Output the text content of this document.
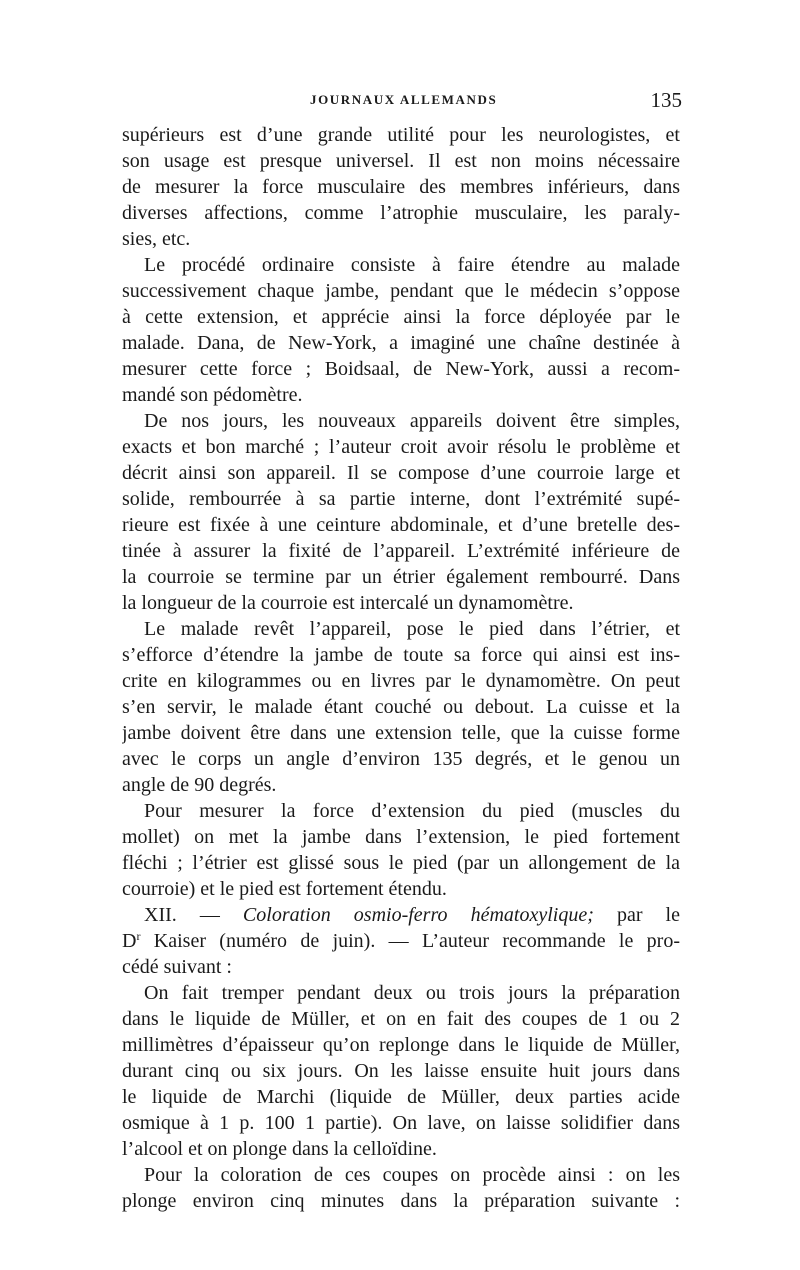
JOURNAUX ALLEMANDS	135
supérieurs est d’une grande utilité pour les neurologistes, et
son usage est presque universel. Il est non moins nécessaire
de mesurer la force musculaire des membres inférieurs, dans
diverses affections, comme l’atrophie musculaire, les paraly-
sies, etc.
Le procédé ordinaire consiste à faire étendre au malade
successivement chaque jambe, pendant que le médecin s’oppose
à cette extension, et apprécie ainsi la force déployée par le
malade. Dana, de New-York, a imaginé une chaîne destinée à
mesurer cette force ; Boidsaal, de New-York, aussi a recom-
mandé son pédomètre.
De nos jours, les nouveaux appareils doivent être simples,
exacts et bon marché ; l’auteur croit avoir résolu le problème et
décrit ainsi son appareil. Il se compose d’une courroie large et
solide, rembourrée à sa partie interne, dont l’extrémité supé-
rieure est fixée à une ceinture abdominale, et d’une bretelle des-
tinée à assurer la fixité de l’appareil. L’extrémité inférieure de
la courroie se termine par un étrier également rembourré. Dans
la longueur de la courroie est intercalé un dynamomètre.
Le malade revêt l’appareil, pose le pied dans l’étrier, et
s’efforce d’étendre la jambe de toute sa force qui ainsi est ins-
crite en kilogrammes ou en livres par le dynamomètre. On peut
s’en servir, le malade étant couché ou debout. La cuisse et la
jambe doivent être dans une extension telle, que la cuisse forme
avec le corps un angle d’environ 135 degrés, et le genou un
angle de 90 degrés.
Pour mesurer la force d’extension du pied (muscles du
mollet) on met la jambe dans l’extension, le pied fortement
fléchi ; l’étrier est glissé sous le pied (par un allongement de la
courroie) et le pied est fortement étendu.
XII. — Coloration osmio-ferro hématoxylique; par le
$D^r$ Kaiser (numéro de juin). — L’auteur recommande le pro-
cédé suivant :
On fait tremper pendant deux ou trois jours la préparation
dans le liquide de Müller, et on en fait des coupes de 1 ou 2
millimètres d’épaisseur qu’on replonge dans le liquide de Müller,
durant cinq ou six jours. On les laisse ensuite huit jours dans
le liquide de Marchi (liquide de Müller, deux parties acide
osmique à 1 p. 100 1 partie). On lave, on laisse solidifier dans
l’alcool et on plonge dans la celloïdine.
Pour la coloration de ces coupes on procède ainsi : on les
plonge environ cinq minutes dans la préparation suivante :
